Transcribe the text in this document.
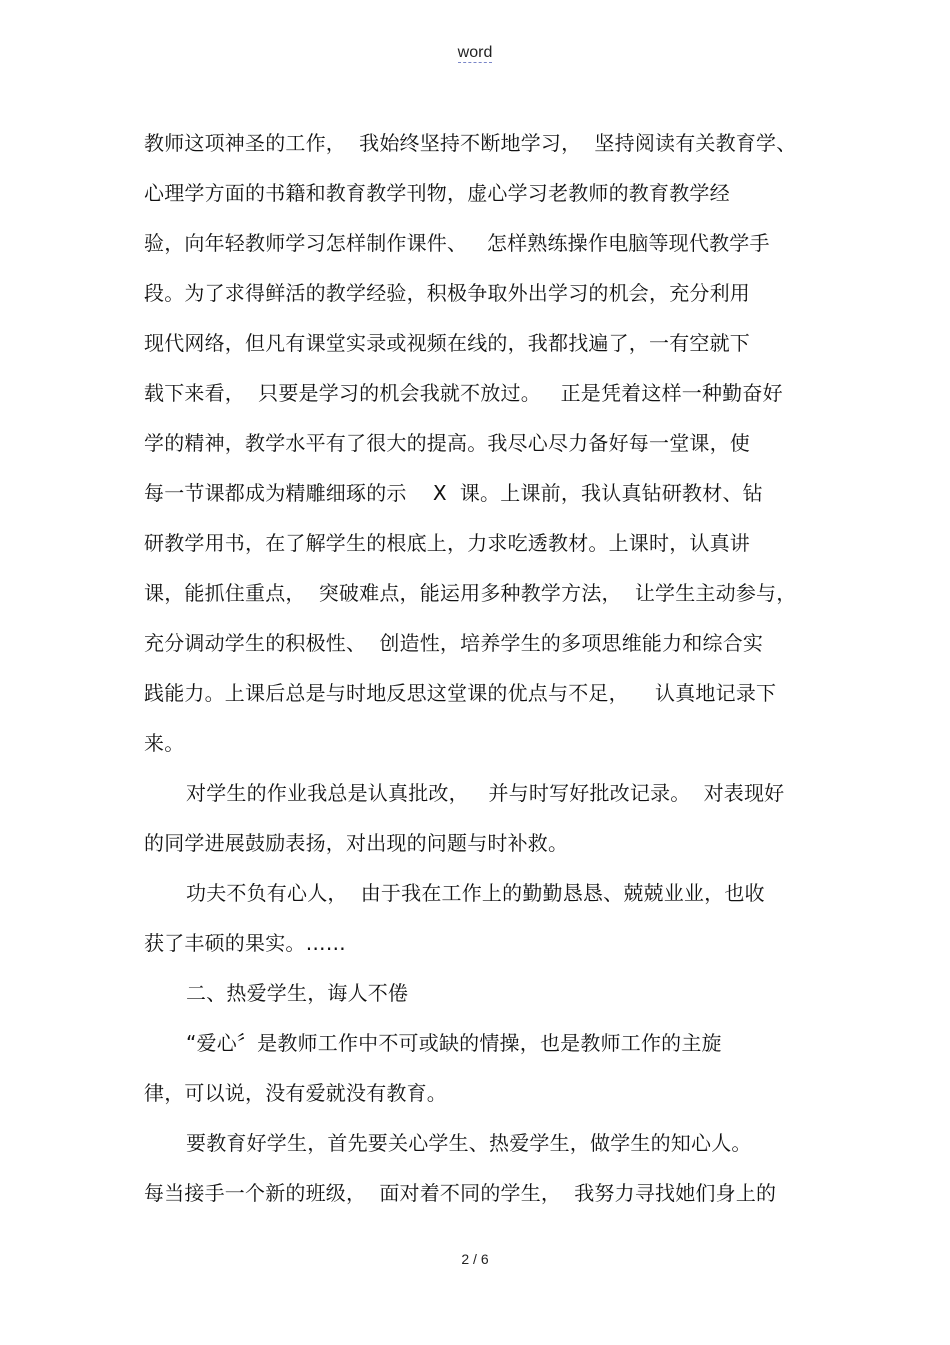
word
教师这项神圣的工作，  我始终坚持不断地学习，  坚持阅读有关教育学、
心理学方面的书籍和教育教学刊物，虚心学习老教师的教育教学经
验，向年轻教师学习怎样制作课件、   怎样熟练操作电脑等现代教学手
段。为了求得鲜活的教学经验，积极争取外出学习的机会，充分利用
现代网络，但凡有课堂实录或视频在线的，我都找遍了，一有空就下
载下来看，  只要是学习的机会我就不放过。   正是凭着这样一种勤奋好
学的精神，教学水平有了很大的提高。我尽心尽力备好每一堂课，使
每一节课都成为精雕细琢的示    X  课。上课前，我认真钻研教材、钻
研教学用书，在了解学生的根底上，力求吃透教材。上课时，认真讲
课，能抓住重点，  突破难点，能运用多种教学方法，  让学生主动参与，
充分调动学生的积极性、  创造性，培养学生的多项思维能力和综合实
践能力。上课后总是与时地反思这堂课的优点与不足，    认真地记录下
来。
对学生的作业我总是认真批改，   并与时写好批改记录。  对表现好
的同学进展鼓励表扬，对出现的问题与时补救。
功夫不负有心人，  由于我在工作上的勤勤恳恳、兢兢业业，也收
获了丰硕的果实。……
二、热爱学生，诲人不倦
“爱心〞是教师工作中不可或缺的情操，也是教师工作的主旋
律，可以说，没有爱就没有教育。
要教育好学生，首先要关心学生、热爱学生，做学生的知心人。
每当接手一个新的班级，  面对着不同的学生，  我努力寻找她们身上的
2 / 6
